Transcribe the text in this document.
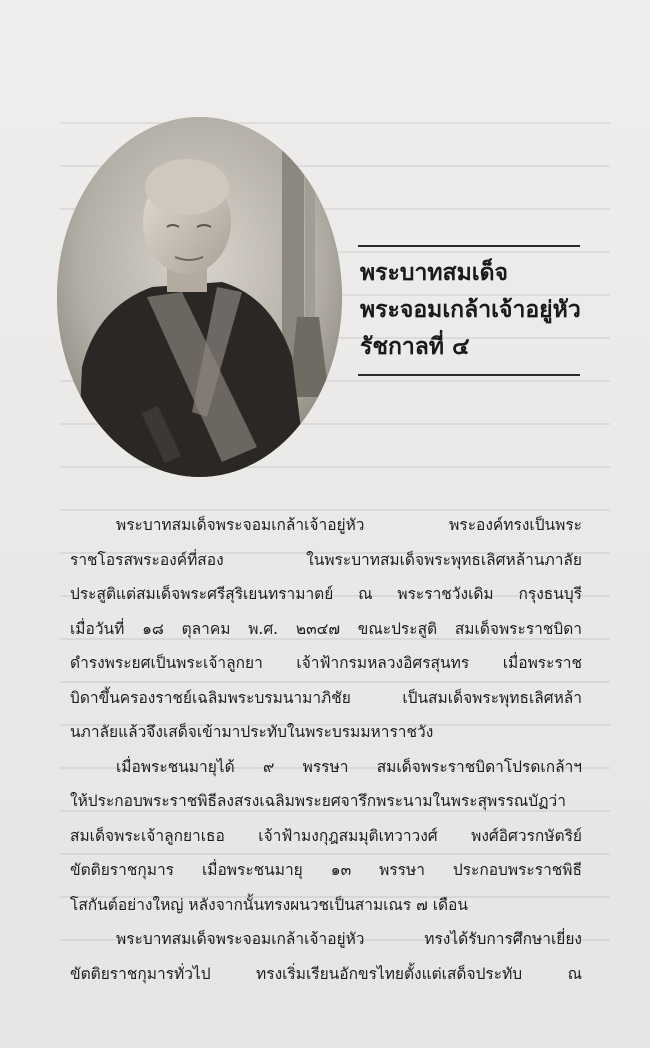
พระบาทสมเด็จ
พระจอมเกล้าเจ้าอยู่หัว
รัชกาลที่ ๔

พระบาทสมเด็จพระจอมเกล้าเจ้าอยู่หัว พระองค์ทรงเป็นพระ
ราชโอรสพระองค์ที่สอง ในพระบาทสมเด็จพระพุทธเลิศหล้านภาลัย
ประสูติแต่สมเด็จพระศรีสุริเยนทรามาตย์ ณ พระราชวังเดิม กรุงธนบุรี
เมื่อวันที่ ๑๘ ตุลาคม พ.ศ. ๒๓๔๗ ขณะประสูติ สมเด็จพระราชบิดา
ดำรงพระยศเป็นพระเจ้าลูกยา เจ้าฟ้ากรมหลวงอิศรสุนทร เมื่อพระราช
บิดาขึ้นครองราชย์เฉลิมพระบรมนามาภิชัย เป็นสมเด็จพระพุทธเลิศหล้า
นภาลัยแล้วจึงเสด็จเข้ามาประทับในพระบรมมหาราชวัง

เมื่อพระชนมายุได้ ๙ พรรษา สมเด็จพระราชบิดาโปรดเกล้าฯ
ให้ประกอบพระราชพิธีลงสรงเฉลิมพระยศจารึกพระนามในพระสุพรรณบัฏว่า
สมเด็จพระเจ้าลูกยาเธอ เจ้าฟ้ามงกุฎสมมุติเทวาวงศ์ พงศ์อิศวรกษัตริย์
ขัตติยราชกุมาร เมื่อพระชนมายุ ๑๓ พรรษา ประกอบพระราชพิธี
โสกันต์อย่างใหญ่ หลังจากนั้นทรงผนวชเป็นสามเณร ๗ เดือน

พระบาทสมเด็จพระจอมเกล้าเจ้าอยู่หัว ทรงได้รับการศึกษาเยี่ยง
ขัตติยราชกุมารทั่วไป ทรงเริ่มเรียนอักขรไทยตั้งแต่เสด็จประทับ ณ
